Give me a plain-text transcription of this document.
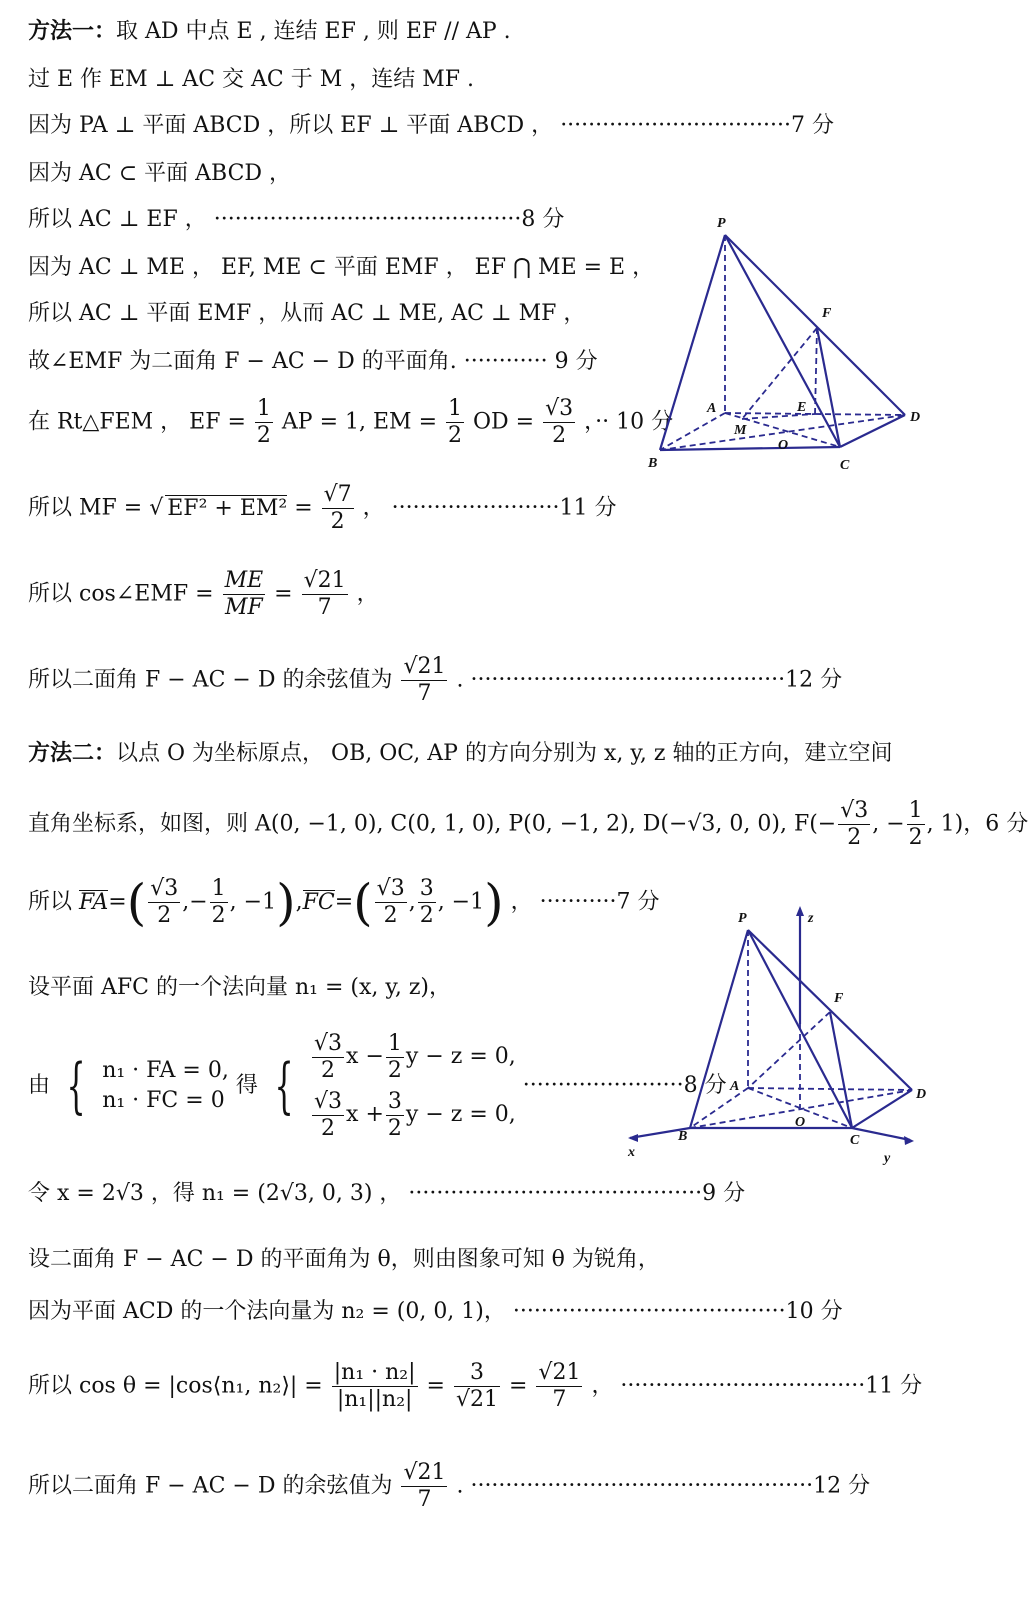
方法一：取 AD 中点 E , 连结 EF , 则 EF // AP .
过 E 作 EM ⊥ AC 交 AC 于 M ，连结 MF .
因为 PA ⊥ 平面 ABCD ，所以 EF ⊥ 平面 ABCD ， ·································7 分
因为 AC ⊂ 平面 ABCD ，
所以 AC ⊥ EF ， ············································8 分
因为 AC ⊥ ME ， EF, ME ⊂ 平面 EMF ， EF ⋂ ME = E ，
所以 AC ⊥ 平面 EMF ，从而 AC ⊥ ME, AC ⊥ MF ，
故∠EMF 为二面角 F − AC − D 的平面角. ············ 9 分
在 Rt△FEM ， EF = $\frac{1}{2}$ AP = 1, EM = $\frac{1}{2}$ OD = $\frac{√3}{2}$ ，·· 10 分
所以 MF = √ $EF^2 + EM^2 = \frac{√7}{2}$ ， ························11 分
所以 cos∠EMF = $\frac{ME}{MF} = \frac{√21}{7}$ ，
所以二面角 F − AC − D 的余弦值为 $\frac{√21}{7}$ . ·············································12 分
P
F
A	E
D
M
O
B	C
方法二：以点 O 为坐标原点， OB, OC, AP 的方向分别为 x, y, z 轴的正方向，建立空间
直角坐标系，如图，则 A(0, −1, 0), C(0, 1, 0), P(0, −1, 2), D(−√3, 0, 0), $F(- \frac{√3}{2}$ , − $\frac{1}{2}$ , 1)，6 分
所以 $FA=( \frac{√3}{2}$ ,− $\frac{1}{2}$ , $-1),FC=( \frac{√3}{2}$ , $\frac{3}{2}$ , −1) ， ···········7 分
设平面 AFC 的一个法向量 n₁ = (x, y, z)，
由 { n₁ · FA = 0,
n₁ · FC = 0
得 { $\frac{√3}{2}$ $x - \frac{1}{2}$ y − z = 0,
$\frac{√3}{2}$ $x + \frac{3}{2}$ y − z = 0,
·······················8 分
令 x = 2√3 ，得 n₁ = (2√3, 0, 3) ， ··········································9 分
设二面角 F − AC − D 的平面角为 θ，则由图象可知 θ 为锐角，
因为平面 ACD 的一个法向量为 n₂ = (0, 0, 1)， ·······································10 分
所以 cos θ = |cos⟨n₁, n₂⟩| = $\frac{\text{|n₁ · n₂|}}{\text{|n₁||n₂|}} = \frac{3}{√21} = \frac{√21}{7}$ ， ···································11 分
所以二面角 F − AC − D 的余弦值为 $\frac{√21}{7}$ . ·················································12 分
P	z
F
A
D
O
B	C
x	y
